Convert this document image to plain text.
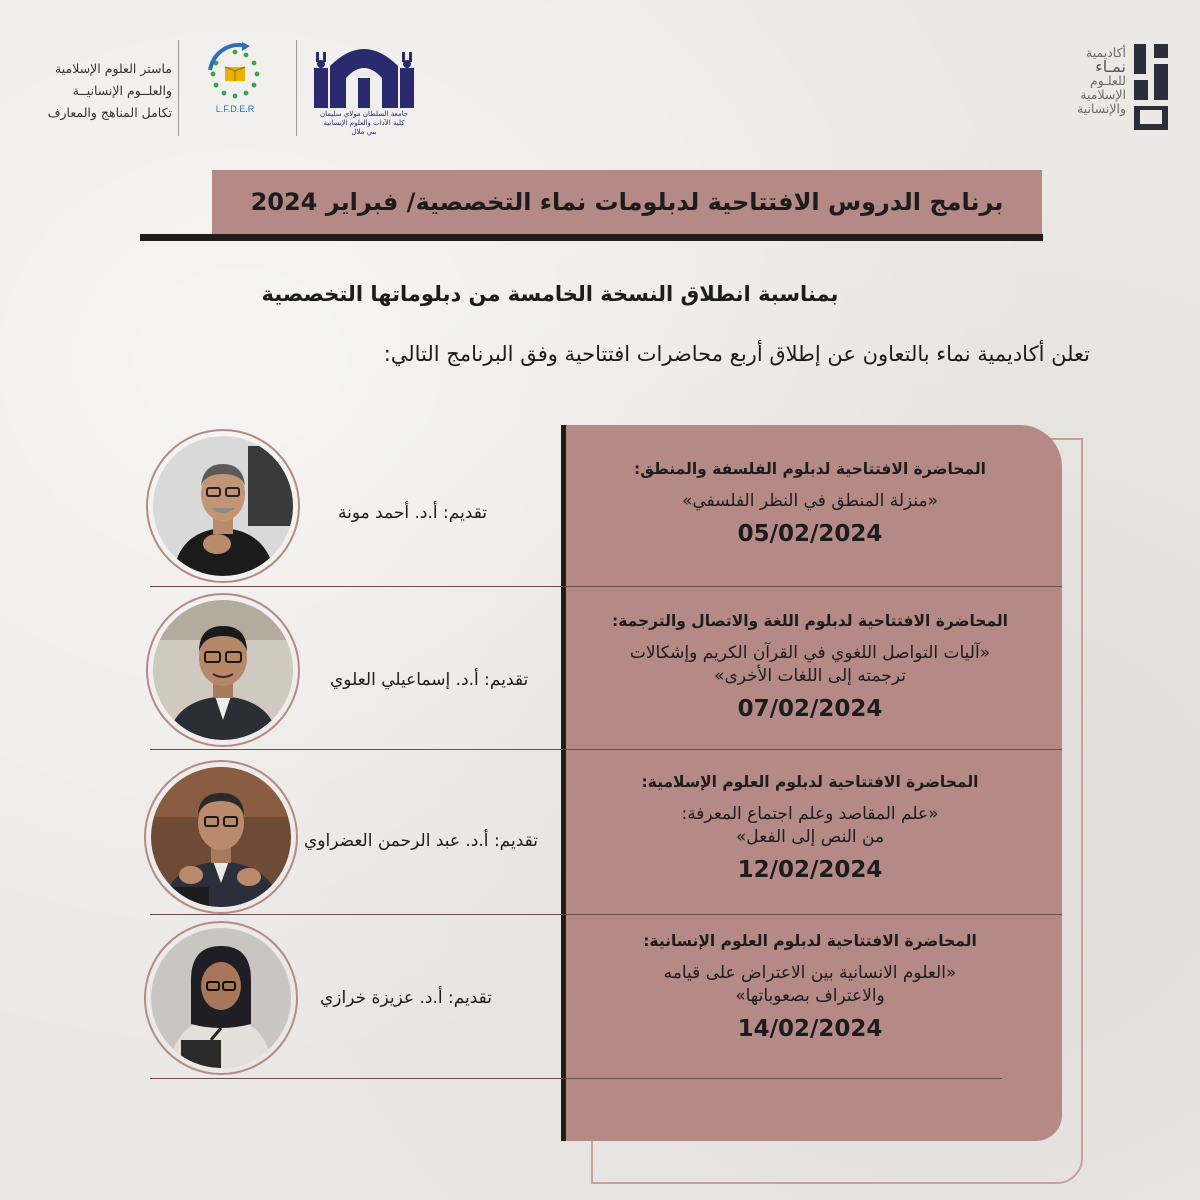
ماستر العلوم الإسلامية
والعلــوم الإنسانيــة
تكامل المناهج والمعارف	L.F.D.E.R	جامعة السلطان مولاي سليمان
كلية الآداب والعلوم الإنسانية
بني ملال
أكاديمية
نمـاء
للعلـوم
الإسلامية
والإنسانية
برنامج الدروس الافتتاحية لدبلومات نماء التخصصية/ فبراير 2024
بمناسبة انطلاق النسخة الخامسة من دبلوماتها التخصصية
تعلن أكاديمية نماء بالتعاون عن إطلاق أربع محاضرات افتتاحية وفق البرنامج التالي:
المحاضرة الافتتاحية لدبلوم الفلسفة والمنطق:
«منزلة المنطق في النظر الفلسفي»
05/02/2024
المحاضرة الافتتاحية لدبلوم اللغة والاتصال والترجمة:
«آليات التواصل اللغوي في القرآن الكريم وإشكالات
ترجمته إلى اللغات الأخرى»
07/02/2024
المحاضرة الافتتاحية لدبلوم العلوم الإسلامية:
«علم المقاصد وعلم اجتماع المعرفة:
من النص إلى الفعل»
12/02/2024
المحاضرة الافتتاحية لدبلوم العلوم الإنسانية:
«العلوم الانسانية بين الاعتراض على قيامه
والاعتراف بصعوباتها»
14/02/2024
تقديم: أ.د. أحمد مونة
تقديم: أ.د. إسماعيلي العلوي
تقديم: أ.د. عبد الرحمن العضراوي
تقديم: أ.د. عزيزة خرازي
